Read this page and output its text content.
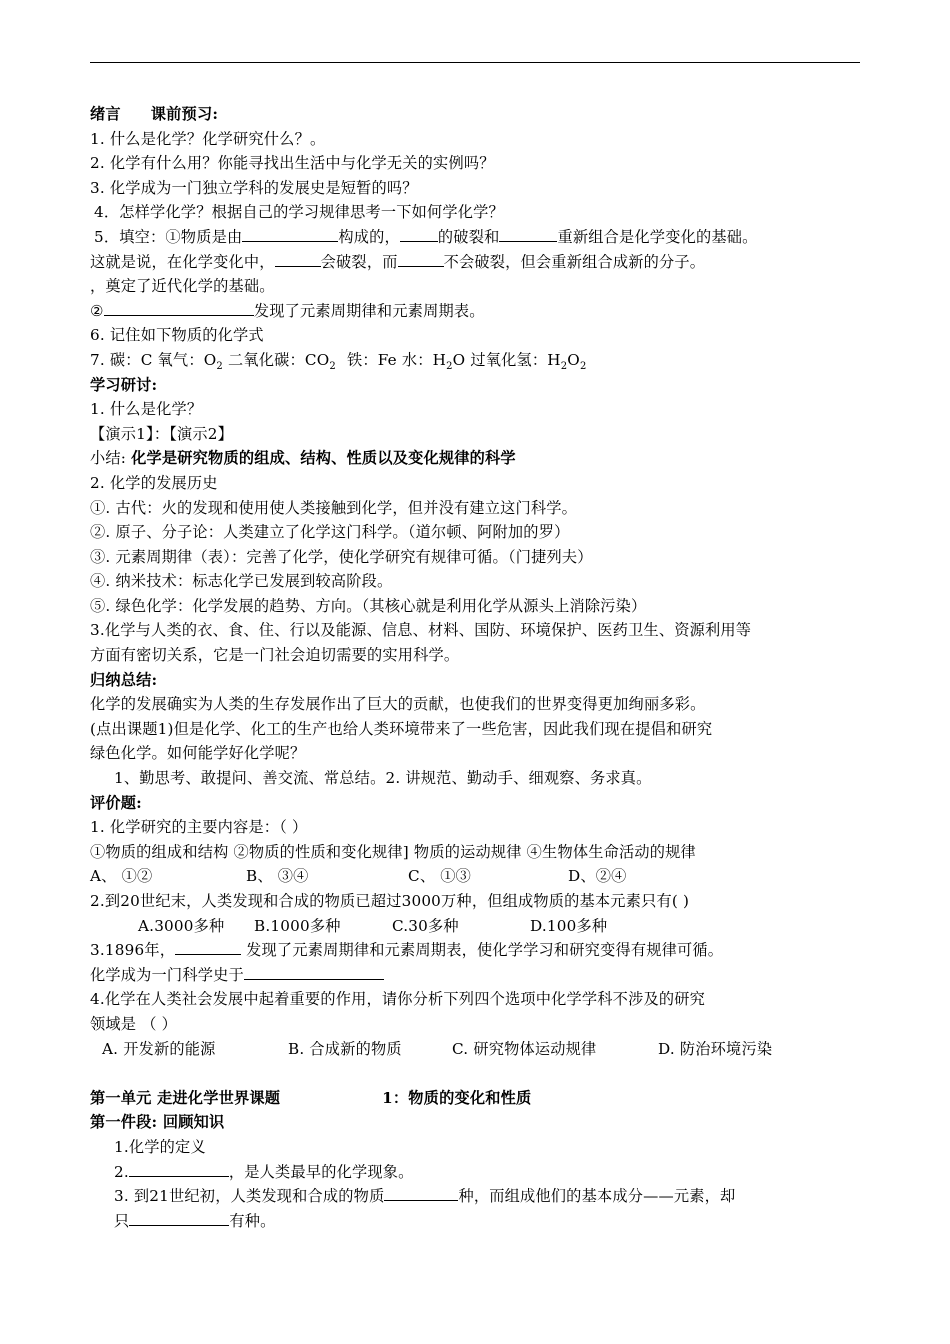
绪言 课前预习:
1. 什么是化学？化学研究什么？。
2. 化学有什么用？你能寻找出生活中与化学无关的实例吗？
3. 化学成为一门独立学科的发展史是短暂的吗？
4．怎样学化学？根据自己的学习规律思考一下如何学化学？
5．填空：①物质是由	构成的，	的破裂和	重新组合是化学变化的基础。
这就是说，在化学变化中，	会破裂，而	不会破裂，但会重新组合成新的分子。
，奠定了近代化学的基础。
②	发现了元素周期律和元素周期表。
6. 记住如下物质的化学式
7. 碳：C 氧气：$O_2$ 二氧化碳：$CO_2$ 铁：Fe 水：$H_2O$ 过氧化氢：$H_2O_2$
学习研讨:
1. 什么是化学？
【演示1】：【演示2】
小结: 化学是研究物质的组成、结构、性质以及变化规律的科学
2. 化学的发展历史
①. 古代：火的发现和使用使人类接触到化学，但并没有建立这门科学。
②. 原子、分子论：人类建立了化学这门科学。（道尔顿、阿附加的罗）
③. 元素周期律（表）：完善了化学，使化学研究有规律可循。（门捷列夫）
④. 纳米技术：标志化学已发展到较高阶段。
⑤. 绿色化学：化学发展的趋势、方向。（其核心就是利用化学从源头上消除污染）
3.化学与人类的衣、食、住、行以及能源、信息、材料、国防、环境保护、医药卫生、资源利用等
方面有密切关系，它是一门社会迫切需要的实用科学。
归纳总结:
化学的发展确实为人类的生存发展作出了巨大的贡献，也使我们的世界变得更加绚丽多彩。
(点出课题1)但是化学、化工的生产也给人类环境带来了一些危害，因此我们现在提倡和研究
绿色化学。如何能学好化学呢？
1、勤思考、敢提问、善交流、常总结。2. 讲规范、勤动手、细观察、务求真。
评价题:
1. 化学研究的主要内容是：（ ）
①物质的组成和结构 ②物质的性质和变化规律] 物质的运动规律 ④生物体生命活动的规律
A、 ①②	B、 ③④	C、 ①③	D、②④
2.到20世纪末，人类发现和合成的物质已超过3000万种，但组成物质的基本元素只有( )
A.3000多种 B.1000多种	C.30多种	D.100多种
3.1896年，	发现了元素周期律和元素周期表，使化学学习和研究变得有规律可循。
化学成为一门科学史于
4.化学在人类社会发展中起着重要的作用，请你分析下列四个选项中化学学科不涉及的研究
领域是 （ ）
A. 开发新的能源	B. 合成新的物质	C. 研究物体运动规律	D. 防治环境污染
第一单元 走进化学世界课题	1：物质的变化和性质
第一件段: 回顾知识
1.化学的定义
2.	，是人类最早的化学现象。
3. 到21世纪初，人类发现和合成的物质	种，而组成他们的基本成分——元素，却
只	有种。
